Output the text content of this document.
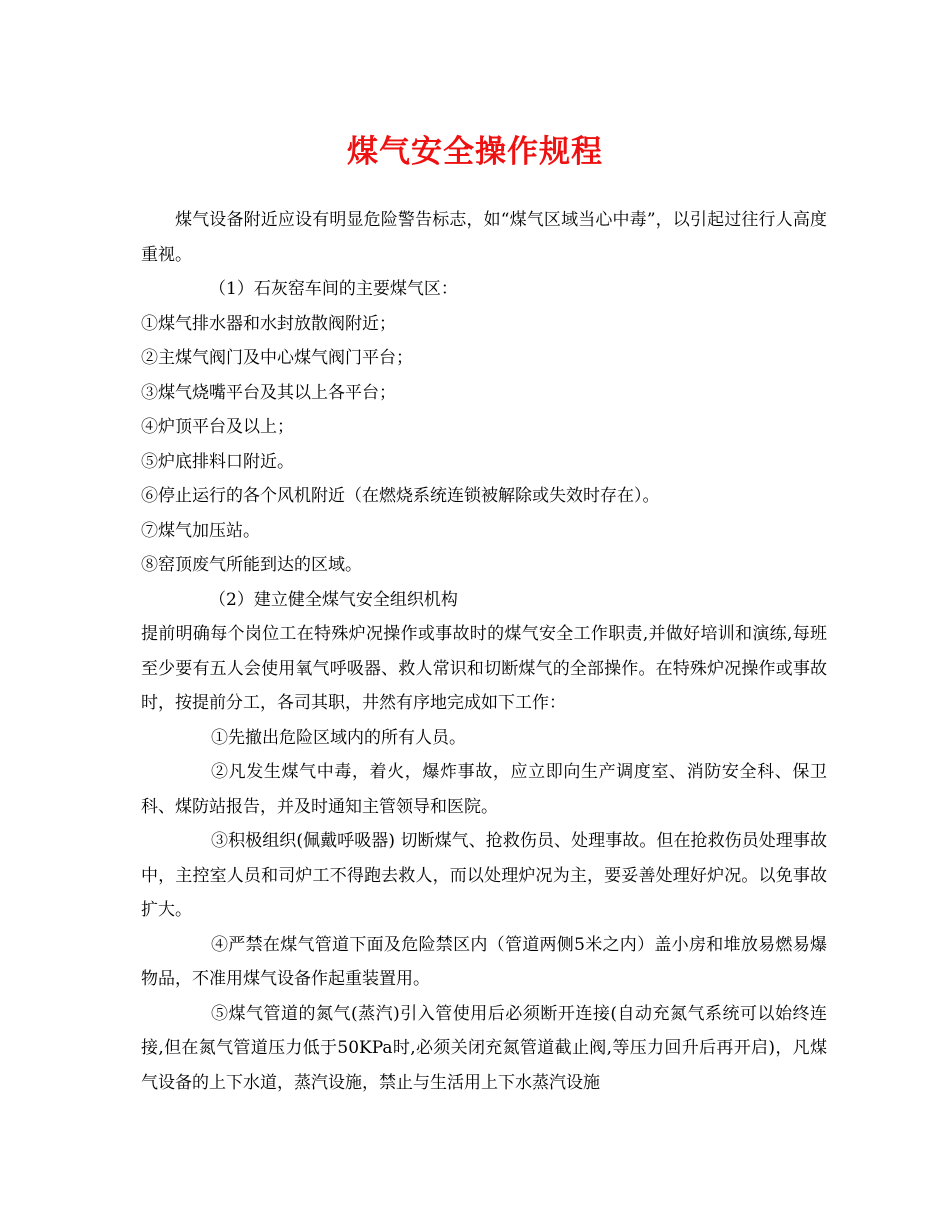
煤气安全操作规程

煤气设备附近应设有明显危险警告标志，如“煤气区域当心中毒”，以引起过往行人高度重视。

（1）石灰窑车间的主要煤气区：

①煤气排水器和水封放散阀附近；

②主煤气阀门及中心煤气阀门平台；

③煤气烧嘴平台及其以上各平台；

④炉顶平台及以上；

⑤炉底排料口附近。

⑥停止运行的各个风机附近（在燃烧系统连锁被解除或失效时存在）。

⑦煤气加压站。

⑧窑顶废气所能到达的区域。

（2）建立健全煤气安全组织机构

提前明确每个岗位工在特殊炉况操作或事故时的煤气安全工作职责,并做好培训和演练,每班至少要有五人会使用氧气呼吸器、救人常识和切断煤气的全部操作。在特殊炉况操作或事故时，按提前分工，各司其职，井然有序地完成如下工作：

①先撤出危险区域内的所有人员。

②凡发生煤气中毒，着火，爆炸事故，应立即向生产调度室、消防安全科、保卫科、煤防站报告，并及时通知主管领导和医院。

③积极组织(佩戴呼吸器) 切断煤气、抢救伤员、处理事故。但在抢救伤员处理事故中，主控室人员和司炉工不得跑去救人，而以处理炉况为主，要妥善处理好炉况。以免事故扩大。

④严禁在煤气管道下面及危险禁区内（管道两侧5米之内）盖小房和堆放易燃易爆物品，不准用煤气设备作起重装置用。

⑤煤气管道的氮气(蒸汽)引入管使用后必须断开连接(自动充氮气系统可以始终连接,但在氮气管道压力低于50KPa时,必须关闭充氮管道截止阀,等压力回升后再开启)，凡煤气设备的上下水道，蒸汽设施，禁止与生活用上下水蒸汽设施
